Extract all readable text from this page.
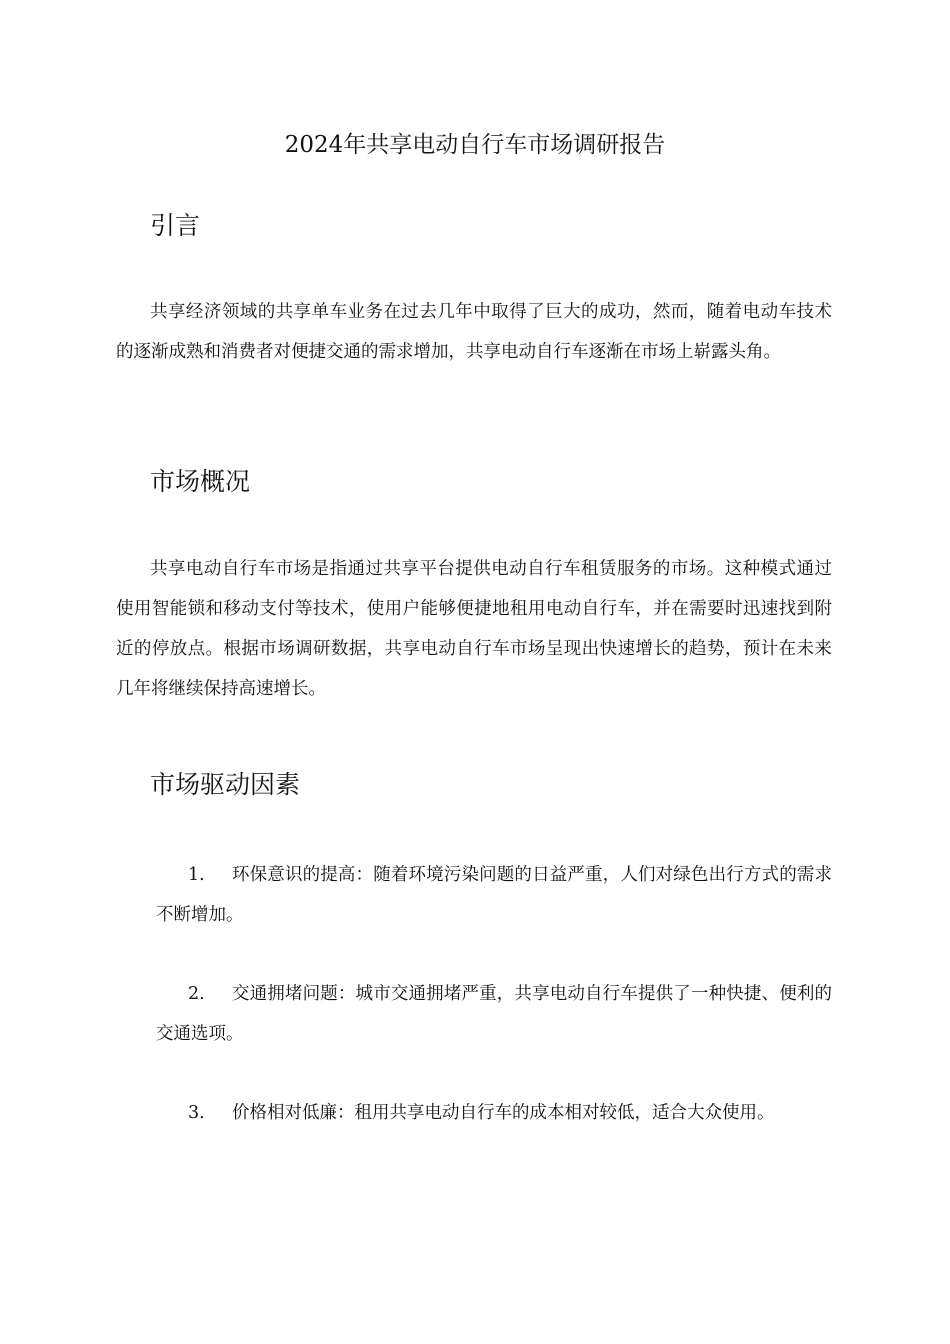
2024年共享电动自行车市场调研报告
引言
共享经济领域的共享单车业务在过去几年中取得了巨大的成功，然而，随着电动车技术的逐渐成熟和消费者对便捷交通的需求增加，共享电动自行车逐渐在市场上崭露头角。
市场概况
共享电动自行车市场是指通过共享平台提供电动自行车租赁服务的市场。这种模式通过使用智能锁和移动支付等技术，使用户能够便捷地租用电动自行车，并在需要时迅速找到附近的停放点。根据市场调研数据，共享电动自行车市场呈现出快速增长的趋势，预计在未来几年将继续保持高速增长。
市场驱动因素
1.	环保意识的提高：随着环境污染问题的日益严重，人们对绿色出行方式的需求不断增加。
2.	交通拥堵问题：城市交通拥堵严重，共享电动自行车提供了一种快捷、便利的交通选项。
3.	价格相对低廉：租用共享电动自行车的成本相对较低，适合大众使用。
